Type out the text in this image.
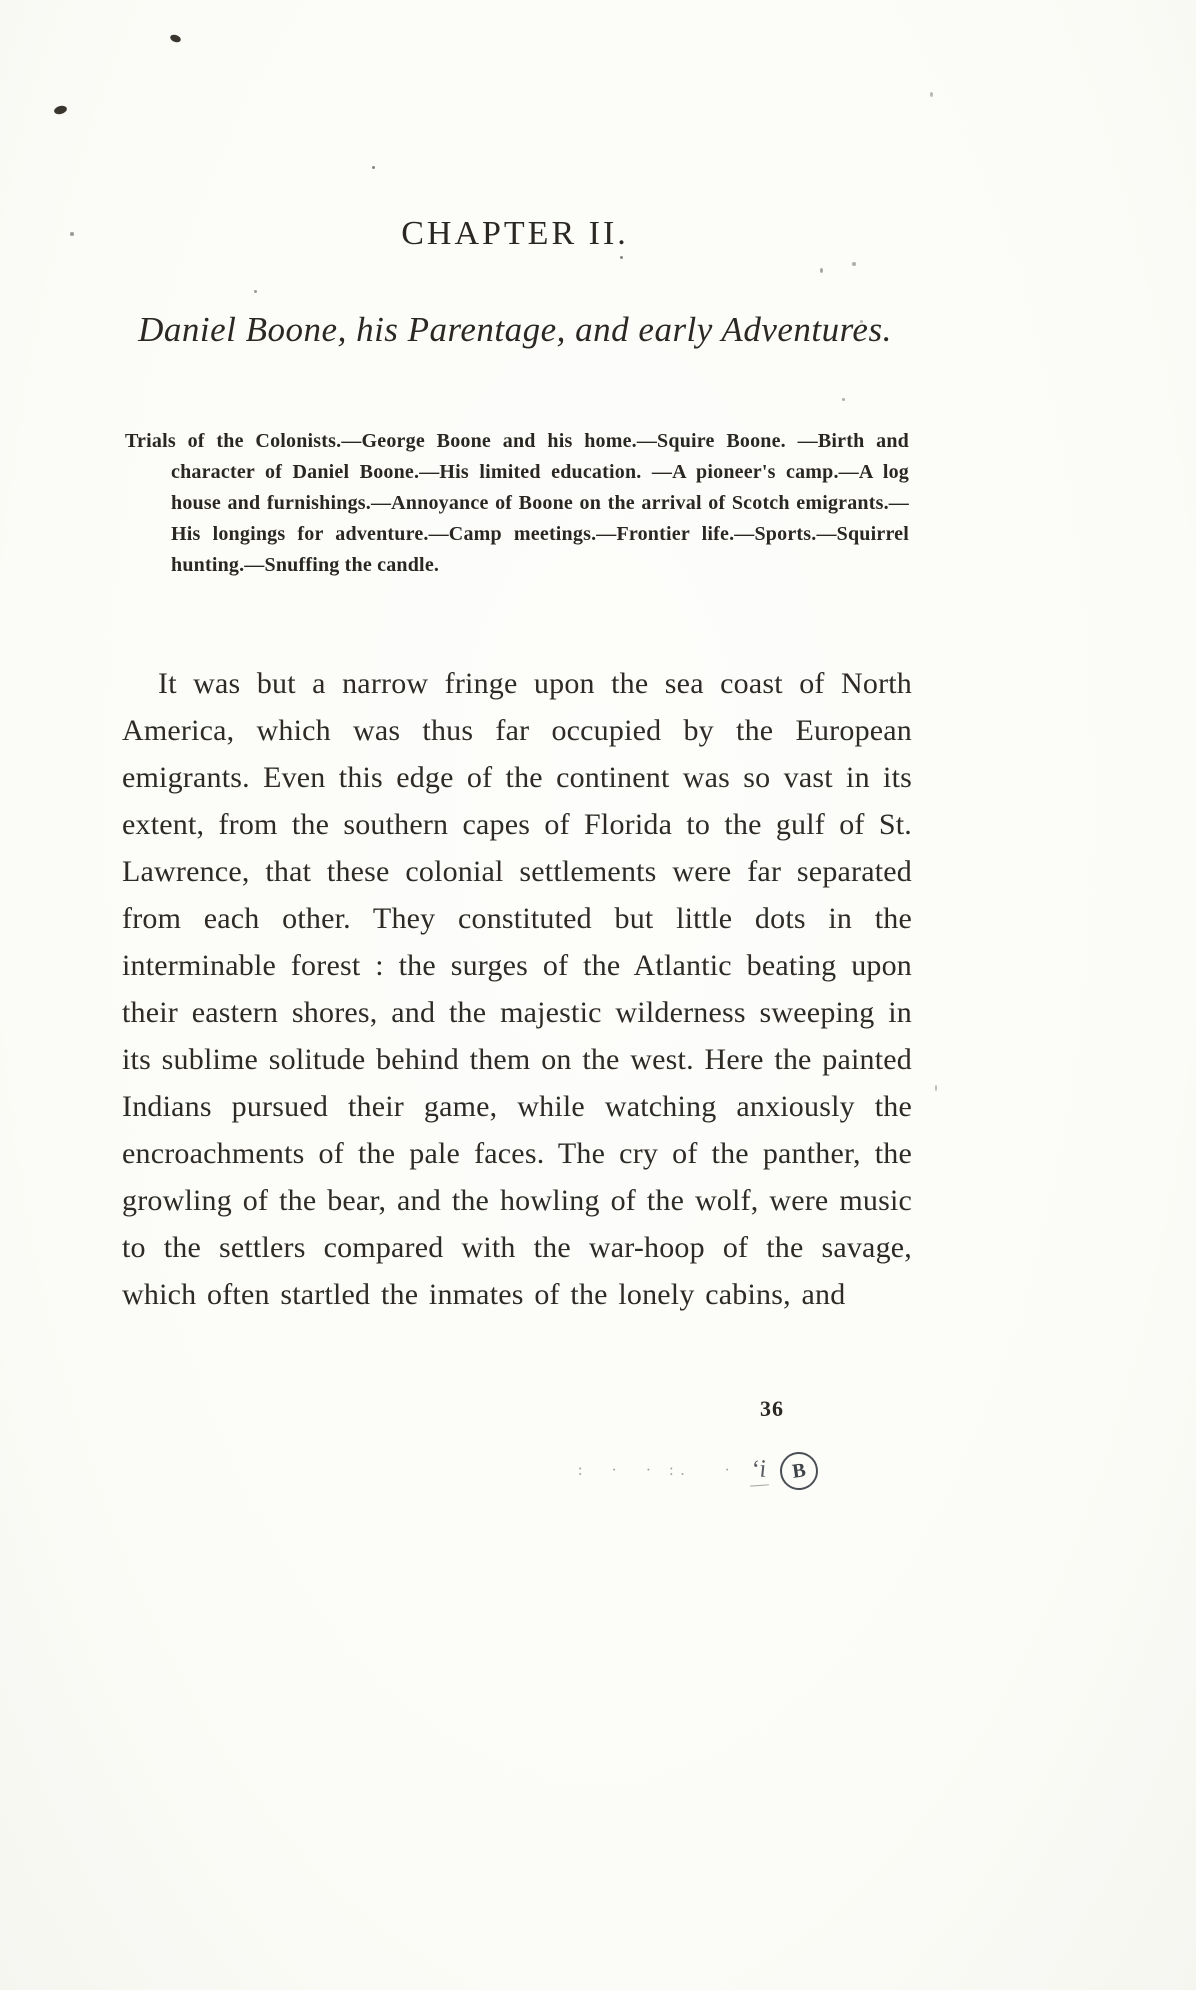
CHAPTER II.
Daniel Boone, his Parentage, and early Adventures.

Trials of the Colonists.—George Boone and his home.—Squire Boone. —Birth and character of Daniel Boone.—His limited education. —A pioneer's camp.—A log house and furnishings.—Annoyance of Boone on the arrival of Scotch emigrants.—His longings for adventure.—Camp meetings.—Frontier life.—Sports.—Squirrel hunting.—Snuffing the candle.

It was but a narrow fringe upon the sea coast of North America, which was thus far occupied by the European emigrants. Even this edge of the continent was so vast in its extent, from the southern capes of Florida to the gulf of St. Lawrence, that these colonial settlements were far separated from each other. They constituted but little dots in the interminable forest : the surges of the Atlantic beating upon their eastern shores, and the majestic wilderness sweeping in its sublime solitude behind them on the west. Here the painted Indians pursued their game, while watching anxiously the encroachments of the pale faces. The cry of the panther, the growling of the bear, and the howling of the wolf, were music to the settlers compared with the war-hoop of the savage, which often startled the inmates of the lonely cabins, and

36
:  ·  · :.   · ʻi	B
